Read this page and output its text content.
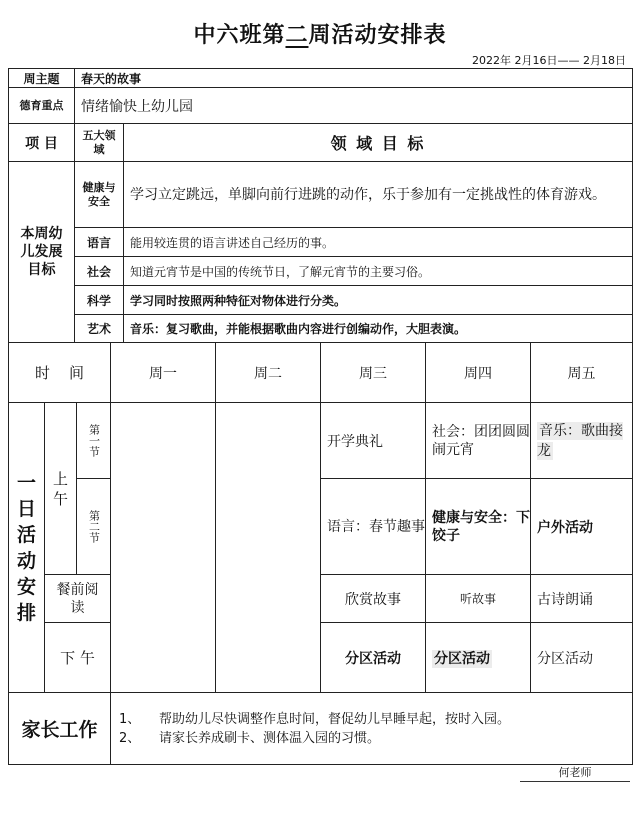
中六班第二周活动安排表
2022年 2月16日—— 2月18日
周主题	春天的故事	
德育重点	情绪愉快上幼儿园	
项 目	五大领域	领 域 目 标
本周幼儿发展目标	健康与安全	学习立定跳远，单脚向前行进跳的动作，乐于参加有一定挑战性的体育游戏。
	语言	能用较连贯的语言讲述自己经历的事。
	社会	知道元宵节是中国的传统节日，了解元宵节的主要习俗。
	科学	学习同时按照两种特征对物体进行分类。
	艺术	音乐：复习歌曲，并能根据歌曲内容进行创编动作，大胆表演。
时    间			周一	周二	周三	周四	周五
一日活动安排	上午	第一节			开学典礼	社会：团团圆圆闹元宵	音乐：歌曲接龙

		第二节			语言：春节趣事	健康与安全：下饺子	户外活动
	餐前阅读				欣赏故事	听故事	古诗朗诵
	下 午				分区活动	分区活动	分区活动
家长工作			1、 帮助幼儿尽快调整作息时间，督促幼儿早睡早起，按时入园。
2、 请家长养成刷卡、测体温入园的习惯。				
何老师
